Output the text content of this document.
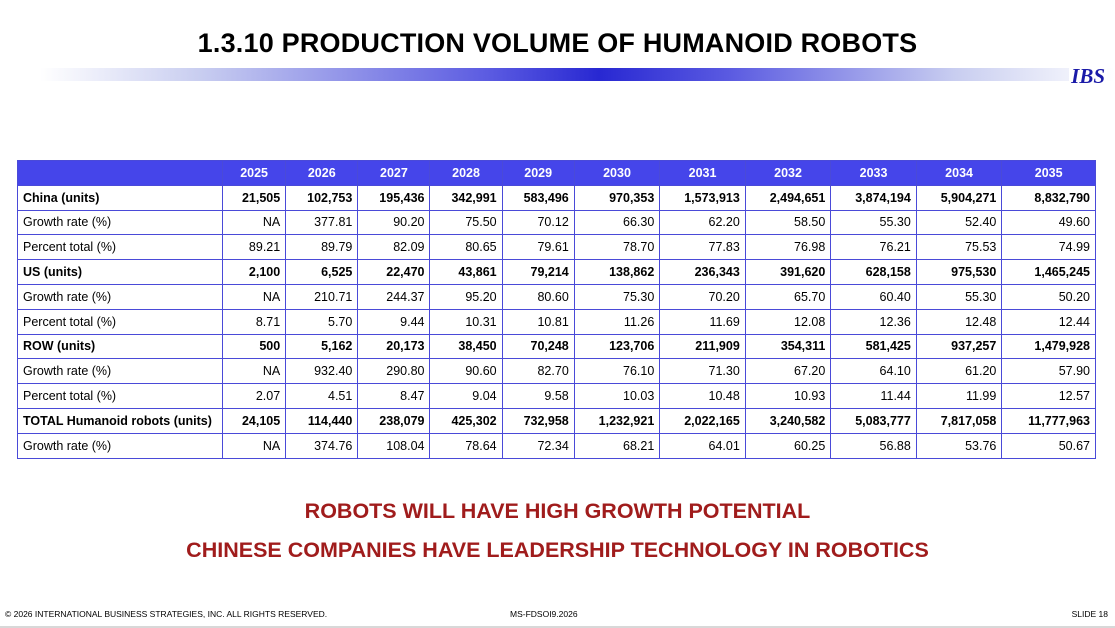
1.3.10 PRODUCTION VOLUME OF HUMANOID ROBOTS
IBS
	2025	2026	2027	2028	2029	2030	2031	2032	2033	2034	2035
China (units)	21,505	102,753	195,436	342,991	583,496	970,353	1,573,913	2,494,651	3,874,194	5,904,271	8,832,790
Growth rate (%)	NA	377.81	90.20	75.50	70.12	66.30	62.20	58.50	55.30	52.40	49.60
Percent total (%)	89.21	89.79	82.09	80.65	79.61	78.70	77.83	76.98	76.21	75.53	74.99
US (units)	2,100	6,525	22,470	43,861	79,214	138,862	236,343	391,620	628,158	975,530	1,465,245
Growth rate (%)	NA	210.71	244.37	95.20	80.60	75.30	70.20	65.70	60.40	55.30	50.20
Percent total (%)	8.71	5.70	9.44	10.31	10.81	11.26	11.69	12.08	12.36	12.48	12.44
ROW (units)	500	5,162	20,173	38,450	70,248	123,706	211,909	354,311	581,425	937,257	1,479,928
Growth rate (%)	NA	932.40	290.80	90.60	82.70	76.10	71.30	67.20	64.10	61.20	57.90
Percent total (%)	2.07	4.51	8.47	9.04	9.58	10.03	10.48	10.93	11.44	11.99	12.57
TOTAL Humanoid robots (units)	24,105	114,440	238,079	425,302	732,958	1,232,921	2,022,165	3,240,582	5,083,777	7,817,058	11,777,963
Growth rate (%)	NA	374.76	108.04	78.64	72.34	68.21	64.01	60.25	56.88	53.76	50.67
ROBOTS WILL HAVE HIGH GROWTH POTENTIAL
CHINESE COMPANIES HAVE LEADERSHIP TECHNOLOGY IN ROBOTICS
© 2026 INTERNATIONAL BUSINESS STRATEGIES, INC. ALL RIGHTS RESERVED.	MS-FDSOI9.2026	SLIDE 18
